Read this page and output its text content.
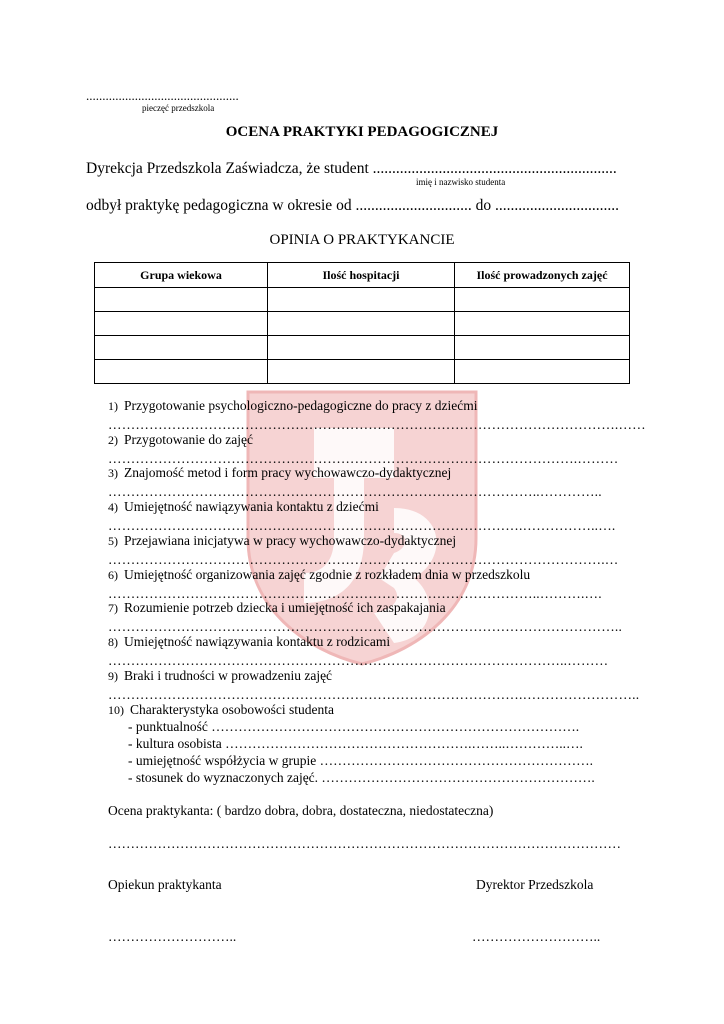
...............................................
pieczęć przedszkola
OCENA PRAKTYKI PEDAGOGICZNEJ
Dyrekcja Przedszkola Zaświadcza, że student ...............................................................
imię i nazwisko studenta
odbył praktykę pedagogiczna w okresie od .............................. do ................................
OPINIA O PRAKTYKANCIE
Grupa wiekowa	Ilość hospitacji	Ilość prowadzonych zajęć

1) Przygotowanie psychologiczno-pedagogiczne do pracy z dziećmi
………………………………………………………………………………………………….……
2) Przygotowanie do zajęć
………………………………………………………………………………………….………
3) Znajomość metod i form pracy wychowawczo-dydaktycznej
…………………………………………………………………………………..…………..
4) Umiejętność nawiązywania kontaktu z dziećmi
……………………………………………………………………………….……………..….
5) Przejawiana inicjatywa w pracy wychowawczo-dydaktycznej
……………………………………………………………………………………………….…
6) Umiejętność organizowania zajęć zgodnie z rozkładem dnia w przedszkolu
…………………………………………………………………………………..……….….
7) Rozumienie potrzeb dziecka i umiejętność ich zaspakajania
…………………………………………………………………………………………………..
8) Umiejętność nawiązywania kontaktu z rodzicami
………………………………………………………………………………………..………
9) Braki i trudności w prowadzeniu zajęć
……………………………………………………………………………….……………………..
10) Charakterystyka osobowości studenta
- punktualność ……………………………………………………………………….
- kultura osobista ……………………………………………….……..…………..….
- umiejętność współżycia w grupie …………………………………………………….
- stosunek do wyznaczonych zajęć. …………………………………………………….
Ocena praktykanta: ( bardzo dobra, dobra, dostateczna, niedostateczna)
……………………………………………………………………………………………………
Opiekun praktykanta	Dyrektor Przedszkola
………………………..	………………………..
